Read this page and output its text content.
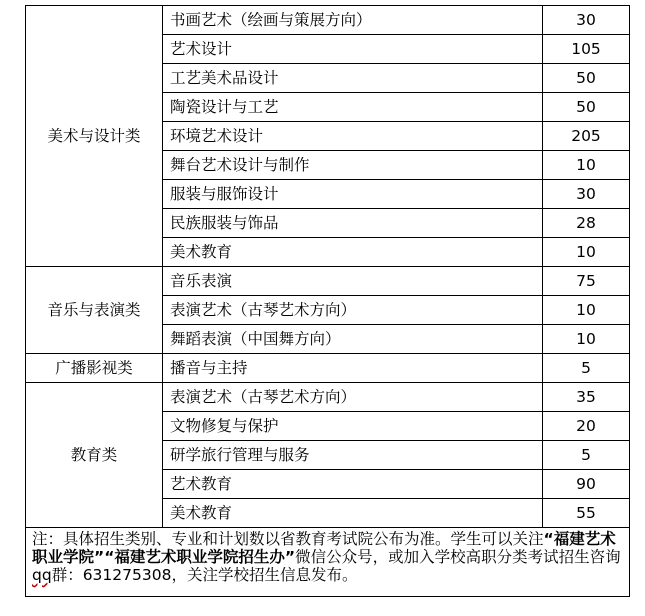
美术与设计类	书画艺术（绘画与策展方向）	30
	艺术设计	105
	工艺美术品设计	50
	陶瓷设计与工艺	50
	环境艺术设计	205
	舞台艺术设计与制作	10
	服装与服饰设计	30
	民族服装与饰品	28
	美术教育	10
音乐与表演类	音乐表演	75
	表演艺术（古琴艺术方向）	10
	舞蹈表演（中国舞方向）	10
广播影视类	播音与主持	5
教育类	表演艺术（古琴艺术方向）	35
	文物修复与保护	20
	研学旅行管理与服务	5
	艺术教育	90
	美术教育	55
注：具体招生类别、专业和计划数以省教育考试院公布为准。学生可以关注“福建艺术职业学院”“福建艺术职业学院招生办”微信公众号，或加入学校高职分类考试招生咨询qq群：631275308，关注学校招生信息发布。		
